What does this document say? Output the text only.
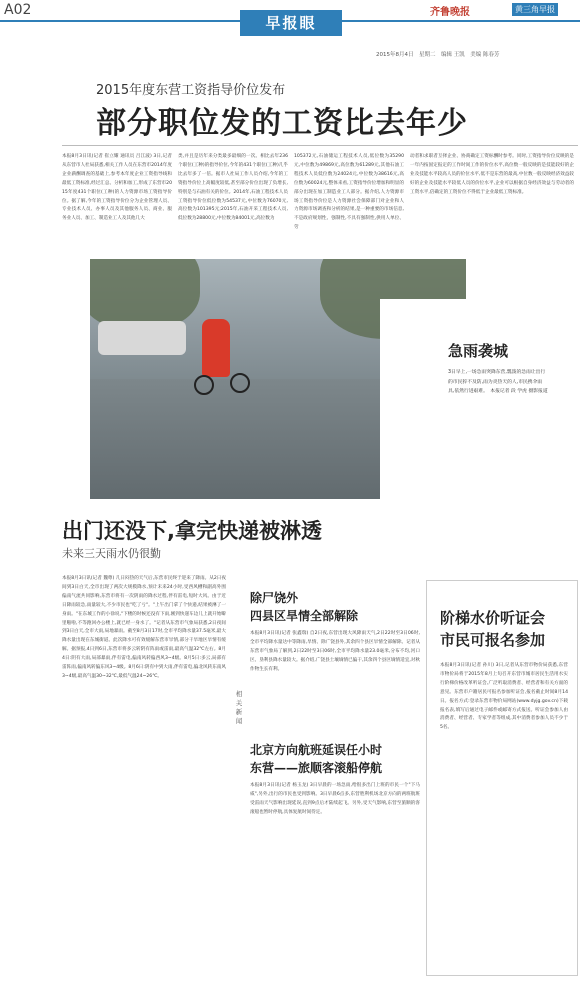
A02
早报眼
齐鲁晚报	黄三角早报
2015年8月4日　星期二　编辑 王凯　美编 陈春芳
2015年度东营工资指导价位发布
部分职位发的工资比去年少
本报8月3日讯(记者 崔立耀 通讯员 吕江波) 3日,记者从东营市人社局获悉,相关工作人员在东营市2014年度企业薪酬调查的基础上,参考本年度企业工资指导线和最低工资标准,经过汇总、分析和加工,形成了东营市2015年度431个职位(工种)的人力资源市场工资指导价位。据了解,今年的工资指导价位分为企业管理人员、专业技术人员、办事人员及其他服务人员、商业、服务业人员、加工、制造业工人及其他几大
类,并且是历年来分类最多最细的一次。相比去年236个职位(工种)的指导价位,今年的431个职位(工种)几乎比去年多了一倍。据市人社局工作人员介绍,今年的工资指导价位上高幅度较低,甚至部分价位出现了负增长,特别是与石油有关的价位。2014年,石油工程技术人员工资指导价位低位数为54537元,中位数为76070元,高位数为101395元;2015年,石油开采工程技术人员,低位数为28800元,中位数为84001元,高位数为
105372元,石油储运工程技术人员,低位数为35290元,中位数为49869元,高位数为61289元,其他石油工程技术人员低位数为24024元,中位数为38616元,高位数为60024元,整体来看,工资指导价位增加和明显的部分出现在加工制造业工人部分。据介绍,人力资源市场工资指导价位是人力资源社会保障部门对企业和人力资源市场调查和分析的结果,是一种重要的市场信息,不是政府规划性、强制性,不具有强制性,供用人单位、劳
动者和求职者互择企业、协商确定工资标酬时参考。同时,工资指导价位反映的是一年内按固定报定的工作时间工作的价位水平,高位数一般反映的是技能较好的企业及技能水平较高人员的价位水平,低不是东营的最高,中位数一般反映经济效益较好的企业及技能水平较低人员的价位水平,企业可以根据自身经济效益与劳动者的工资水平,倍确定的工资价位不得低于企业最低工资标准。
急雨袭城
3日早上,一场急雨突降东营,瓢泼的急雨让出行的市民猝不及防,雨为炎热天的人,市民携伞雨具,依然行进艰难。　本报记者 段 学虎 摄影报道
出门还没下,拿完快递被淋透
未来三天雨水仍很勤
本报8月3日讯(记者 魏尊) 几日闷热的天气后,东营市民终于迎来了降雨。从2日夜间到3日白天,全市出现了两次大规模降水,预计未来24小时,受西风槽和副高外围偏南气流共同影响,东营市将有一次阴雨的降水过程,伴有雷电,短时大风。由于近日降雨较急,雨量较大,不少市民也"吃了亏"。"上午出门拿了个快递,结果被淋了一身雨。"在东城工作的小徐说,"下楼的时候还没有下雨,刚到快递车边儿上就开始噼里啪啦,不等跑回办公楼上,就已经一身水了。"记者从东营市气象局获悉,2日夜间到3日白天,全市大雨,局地暴雨。截至8月3日17时,全市平均降水量37.5毫米,最大降水量出现在东城街道。此次降水可有效缓解东营市旱情,部分干旱地区旱情有缓解。据预报,4日到6日,东营市将多云转阴有阵雨或雷雨,最高气温32℃左右。8月4日:阴有大雨,局部暴雨,伴有雷电,偏南风转偏西风3~4级。8月5日:多云,局部有雷阵雨,偏南风转偏东风3~4级。8月6日:阴有中到大雨,伴有雷电,偏北风转东南风3~4级,最高气温30~32℃,最低气温24~26℃。
相关新闻
除尸饶外
四县区旱情全部解除
本报8月3日讯(记者 张鑫瑞) 自2日夜,东营出现大风降雨天气,2日22时至3日06时,全市平均降水量达中等降雨,旱情、除广饶县外,其余四个县区旱情全部解除。记者从东营市气象局了解到,2日22时至3日06时,全市平均降水量23.0毫米,分布不均,河口区、垦利县降水量较大。据介绍,广饶县土壤墒情已偏干,其余四个县区墒情适宜,对秋作物生长有利。
北京方向航班延误任小时
东营——旅顺客滚船停航
本报8月3日讯(记者 杨玉龙) 3日早晨的一场急雨,给很多出门上班的市民一个"下马威",另外,出行的市民也受到影响。3日早晨6点多,东营胜利机场北京方向的两班航班受雷雨天气影响出现延误,直到9点后才陆续起飞。另外,受天气影响,东营至旅顺的客滚船也暂时停航,具体复航时间待定。
阶梯水价听证会
市民可报名参加
本报8月3日讯(记者 孙川) 3日,记者从东营市物价局获悉,东营市物价局将于2015年8月上旬召开东营市城市居民生活用水实行阶梯价格改革听证会,广泛听取消费者、经营者和有关方面的意见。东营市户籍居民可报名参加听证会,报名截止时间8月14日。报名方式:登录东营市物价局网站(www.dyjg.gov.cn)下载报名表,填写后通过电子邮件或邮寄方式报送。听证会参加人由消费者、经营者、专家学者等组成,其中消费者参加人员不少于5名。
